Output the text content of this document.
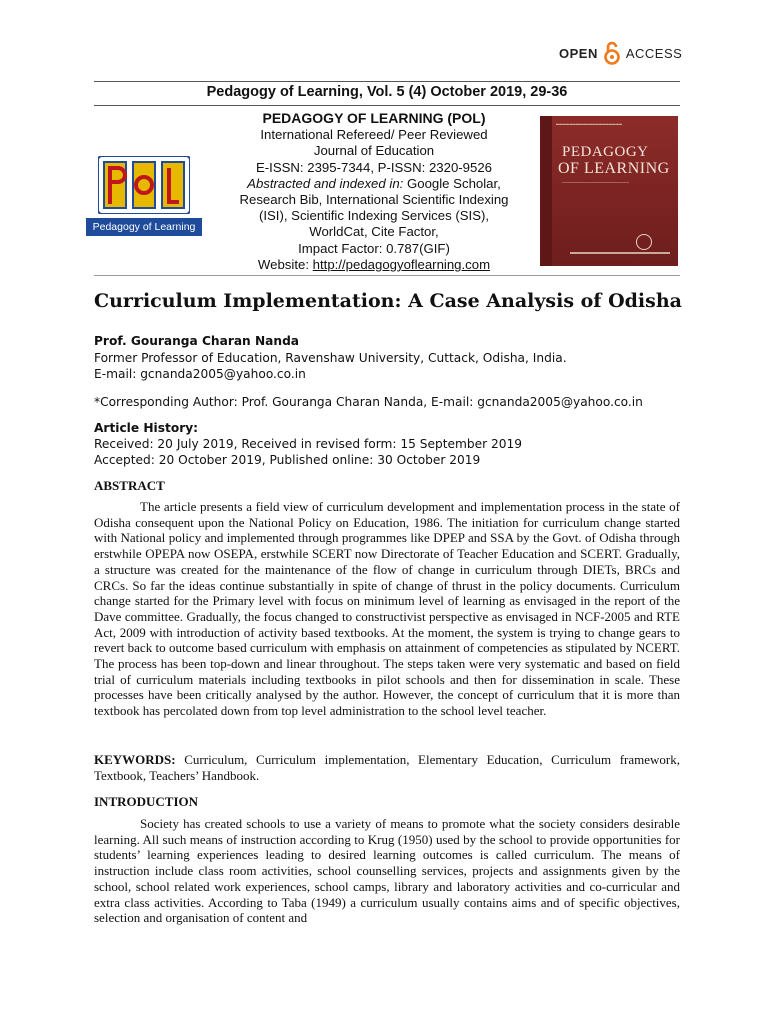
OPEN ACCESS
Pedagogy of Learning, Vol. 5 (4) October 2019, 29-36
Pedagogy of Learning
PEDAGOGY OF LEARNING (POL)
International Refereed/ Peer Reviewed
Journal of Education
E-ISSN: 2395-7344, P-ISSN: 2320-9526
Abstracted and indexed in: Google Scholar,
Research Bib, International Scientific Indexing
(ISI), Scientific Indexing Services (SIS),
WorldCat, Cite Factor,
Impact Factor: 0.787(GIF)
Website: http://pedagogyoflearning.com
━━━━━━━━━━━━━━━━━━━━
PEDAGOGY
OF LEARNING
─────────────────────
Curriculum Implementation: A Case Analysis of Odisha
Prof. Gouranga Charan Nanda
Former Professor of Education, Ravenshaw University, Cuttack, Odisha, India.
E-mail: gcnanda2005@yahoo.co.in
*Corresponding Author: Prof. Gouranga Charan Nanda, E-mail: gcnanda2005@yahoo.co.in
Article History:
Received: 20 July 2019, Received in revised form: 15 September 2019
Accepted: 20 October 2019, Published online: 30 October 2019
ABSTRACT

The article presents a field view of curriculum development and implementation process in the state of Odisha consequent upon the National Policy on Education, 1986. The initiation for curriculum change started with National policy and implemented through programmes like DPEP and SSA by the Govt. of Odisha through erstwhile OPEPA now OSEPA, erstwhile SCERT now Directorate of Teacher Education and SCERT. Gradually, a structure was created for the maintenance of the flow of change in curriculum through DIETs, BRCs and CRCs. So far the ideas continue substantially in spite of change of thrust in the policy documents. Curriculum change started for the Primary level with focus on minimum level of learning as envisaged in the report of the Dave committee. Gradually, the focus changed to constructivist perspective as envisaged in NCF-2005 and RTE Act, 2009 with introduction of activity based textbooks. At the moment, the system is trying to change gears to revert back to outcome based curriculum with emphasis on attainment of competencies as stipulated by NCERT. The process has been top-down and linear throughout. The steps taken were very systematic and based on field trial of curriculum materials including textbooks in pilot schools and then for dissemination in scale. These processes have been critically analysed by the author. However, the concept of curriculum that it is more than textbook has percolated down from top level administration to the school level teacher.

KEYWORDS: Curriculum, Curriculum implementation, Elementary Education, Curriculum framework, Textbook, Teachers’ Handbook.

INTRODUCTION

Society has created schools to use a variety of means to promote what the society considers desirable learning. All such means of instruction according to Krug (1950) used by the school to provide opportunities for students’ learning experiences leading to desired learning outcomes is called curriculum. The means of instruction include class room activities, school counselling services, projects and assignments given by the school, school related work experiences, school camps, library and laboratory activities and co-curricular and extra class activities. According to Taba (1949) a curriculum usually contains aims and of specific objectives, selection and organisation of content and
